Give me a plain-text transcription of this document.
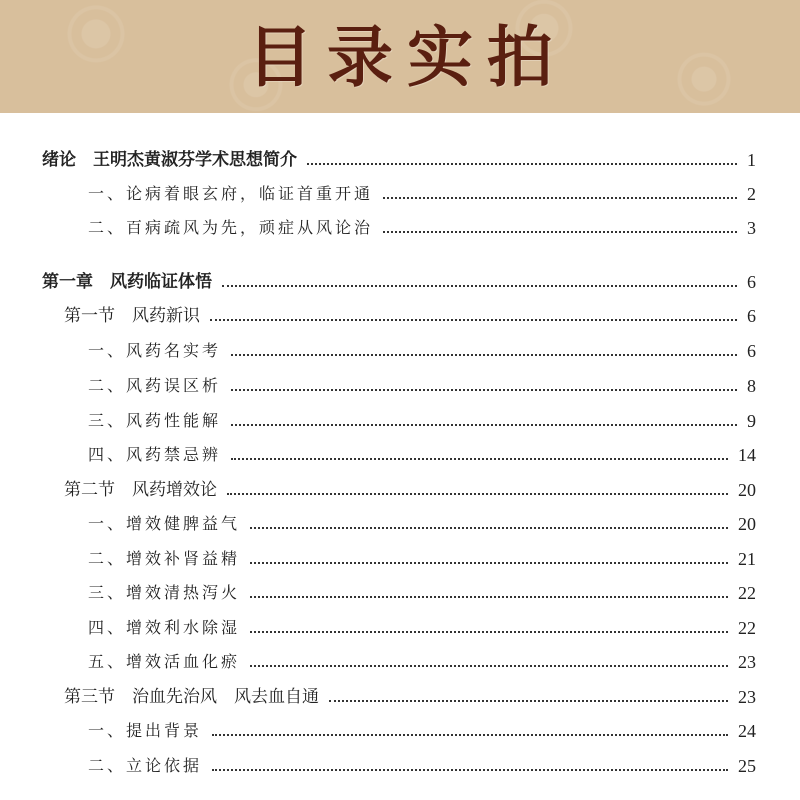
目录实拍
绪论　王明杰黄淑芬学术思想简介	1
一、论病着眼玄府，临证首重开通	2
二、百病疏风为先，顽症从风论治	3
第一章　风药临证体悟	6
第一节　风药新识	6
一、风药名实考	6
二、风药误区析	8
三、风药性能解	9
四、风药禁忌辨	14
第二节　风药增效论	20
一、增效健脾益气	20
二、增效补肾益精	21
三、增效清热泻火	22
四、增效利水除湿	22
五、增效活血化瘀	23
第三节　治血先治风　风去血自通	23
一、提出背景	24
二、立论依据	25
